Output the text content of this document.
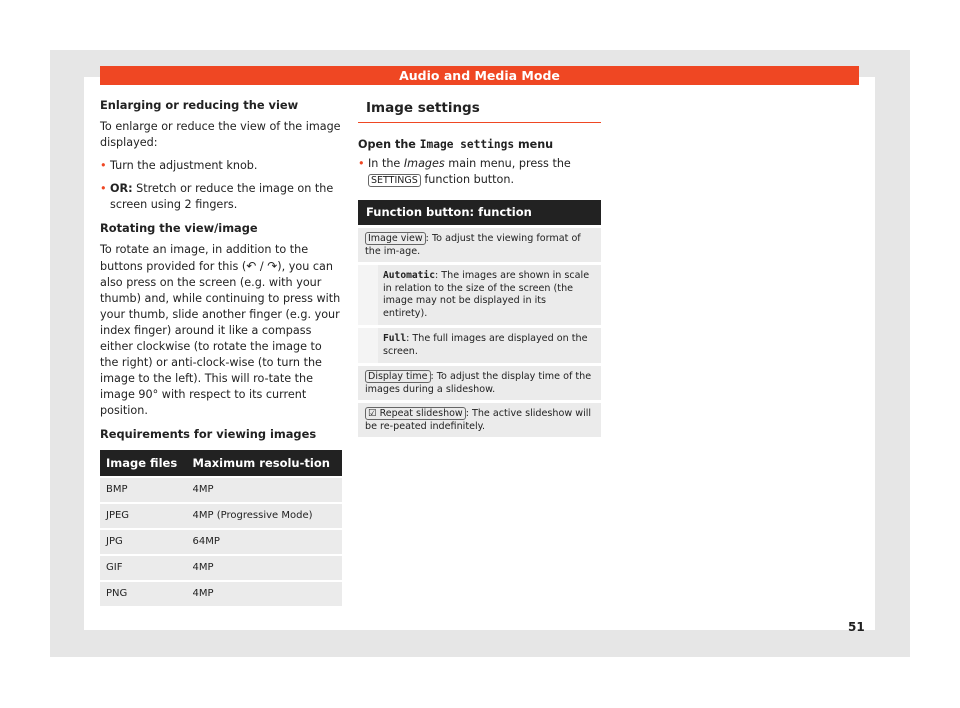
Audio and Media Mode
Enlarging or reducing the view

To enlarge or reduce the view of the image displayed:

• Turn the adjustment knob.

• OR: Stretch or reduce the image on the screen using 2 fingers.

Rotating the view/image

To rotate an image, in addition to the buttons provided for this (↶ / ↷), you can also press on the screen (e.g. with your thumb) and, while continuing to press with your thumb, slide another finger (e.g. your index finger) around it like a compass either clockwise (to rotate the image to the right) or anti-clock-wise (to turn the image to the left). This will ro-tate the image 90° with respect to its current position.

Requirements for viewing images
Image files	Maximum resolu-tion
BMP	4MP
JPEG	4MP (Progressive Mode)
JPG	64MP
GIF	4MP
PNG	4MP
Image settings

Open the Image settings menu

• In the Images main menu, press the
SETTINGS function button.

Function button: function
Image view : To adjust the viewing format of the im-age.
Automatic: The images are shown in scale in relation to the size of the screen (the image may not be displayed in its entirety).
Full: The full images are displayed on the screen.
Display time : To adjust the display time of the images during a slideshow.
☑ Repeat slideshow : The active slideshow will be re-peated indefinitely.
51
